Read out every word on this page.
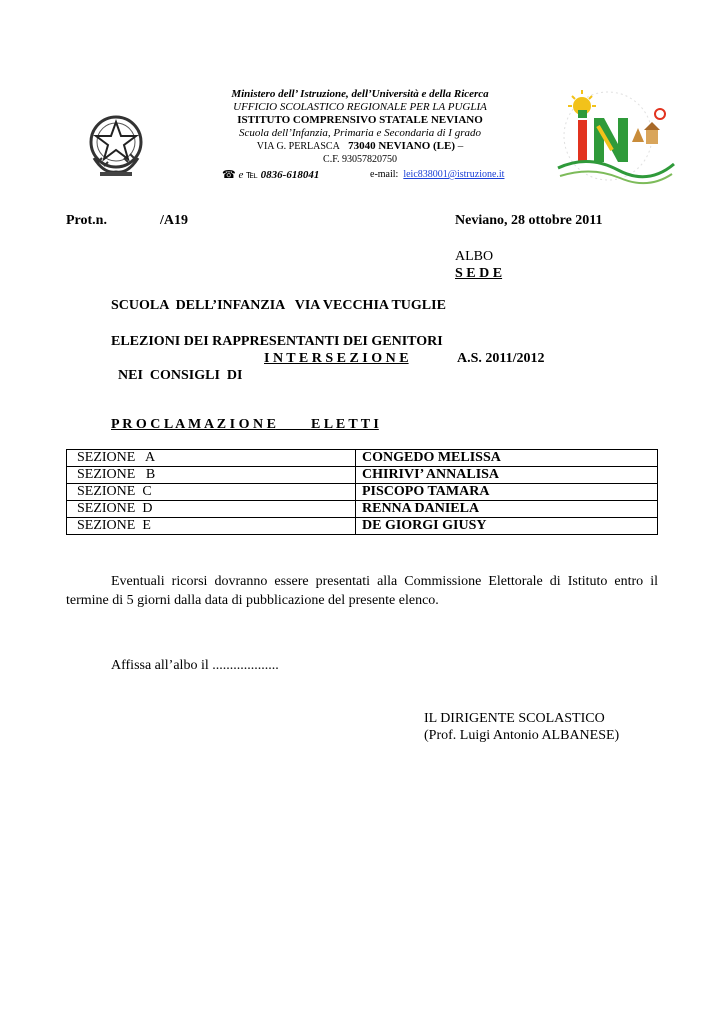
Ministero dell’ Istruzione, dell’Università e della Ricerca
UFFICIO SCOLASTICO REGIONALE PER LA PUGLIA
ISTITUTO COMPRENSIVO STATALE NEVIANO
Scuola dell’Infanzia, Primaria e Secondaria di I grado
VIA G. PERLASCA 73040 NEVIANO (LE) –
C.F. 93057820750
☎ e ℡ 0836-618041	e-mail: leic838001@istruzione.it
Prot.n.	/A19	Neviano, 28 ottobre 2011
ALBO
S E D E
SCUOLA  DELL’INFANZIA   VIA VECCHIA TUGLIE
ELEZIONI DEI RAPPRESENTANTI DEI GENITORI

NEI  CONSIGLI  DI

I N T E R S E Z I O N E	A.S. 2011/2012
P R O C L A M A Z I O N E	E L E T T I
SEZIONE   A	CONGEDO MELISSA
SEZIONE   B	CHIRIVI’ ANNALISA
SEZIONE  C	PISCOPO TAMARA
SEZIONE  D	RENNA DANIELA
SEZIONE  E	DE GIORGI GIUSY
Eventuali ricorsi dovranno essere presentati alla Commissione Elettorale di Istituto entro il termine di 5 giorni dalla data di pubblicazione del presente elenco.
Affissa all’albo il ...................
IL DIRIGENTE SCOLASTICO
(Prof. Luigi Antonio ALBANESE)
